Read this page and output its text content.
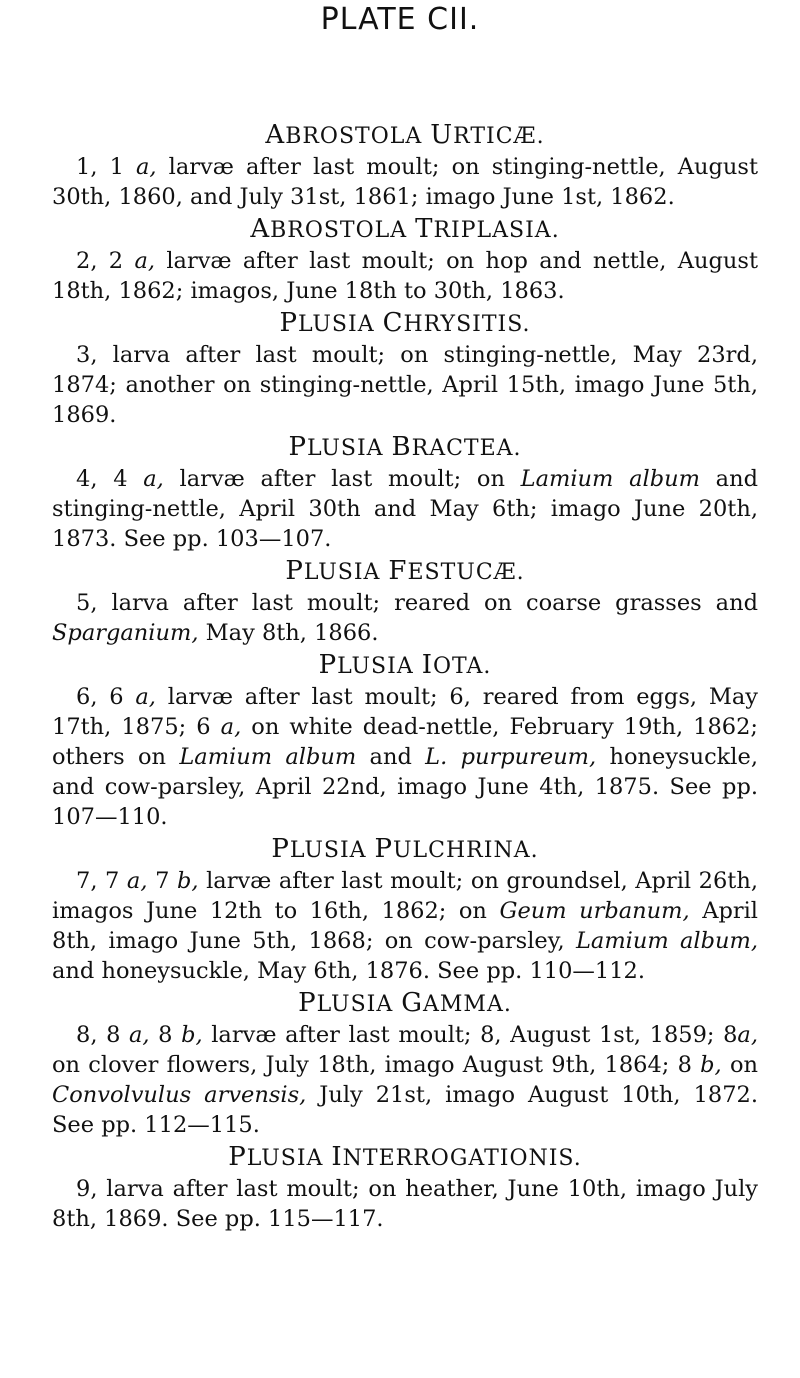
PLATE CII.

ABROSTOLA URTICÆ.

1, 1 a, larvæ after last moult; on stinging-nettle, August 30th, 1860, and July 31st, 1861; imago June 1st, 1862.

ABROSTOLA TRIPLASIA.

2, 2 a, larvæ after last moult; on hop and nettle, August 18th, 1862; imagos, June 18th to 30th, 1863.

PLUSIA CHRYSITIS.

3, larva after last moult; on stinging-nettle, May 23rd, 1874; another on stinging-nettle, April 15th, imago June 5th, 1869.

PLUSIA BRACTEA.

4, 4 a, larvæ after last moult; on Lamium album and stinging-nettle, April 30th and May 6th; imago June 20th, 1873. See pp. 103—107.

PLUSIA FESTUCÆ.

5, larva after last moult; reared on coarse grasses and Sparganium, May 8th, 1866.

PLUSIA IOTA.

6, 6 a, larvæ after last moult; 6, reared from eggs, May 17th, 1875; 6 a, on white dead-nettle, February 19th, 1862; others on Lamium album and L. purpureum, honeysuckle, and cow-parsley, April 22nd, imago June 4th, 1875. See pp. 107—110.

PLUSIA PULCHRINA.

7, 7 a, 7 b, larvæ after last moult; on groundsel, April 26th, imagos June 12th to 16th, 1862; on Geum urbanum, April 8th, imago June 5th, 1868; on cow-parsley, Lamium album, and honeysuckle, May 6th, 1876. See pp. 110—112.

PLUSIA GAMMA.

8, 8 a, 8 b, larvæ after last moult; 8, August 1st, 1859; 8a, on clover flowers, July 18th, imago August 9th, 1864; 8 b, on Convolvulus arvensis, July 21st, imago August 10th, 1872. See pp. 112—115.

PLUSIA INTERROGATIONIS.

9, larva after last moult; on heather, June 10th, imago July 8th, 1869. See pp. 115—117.
